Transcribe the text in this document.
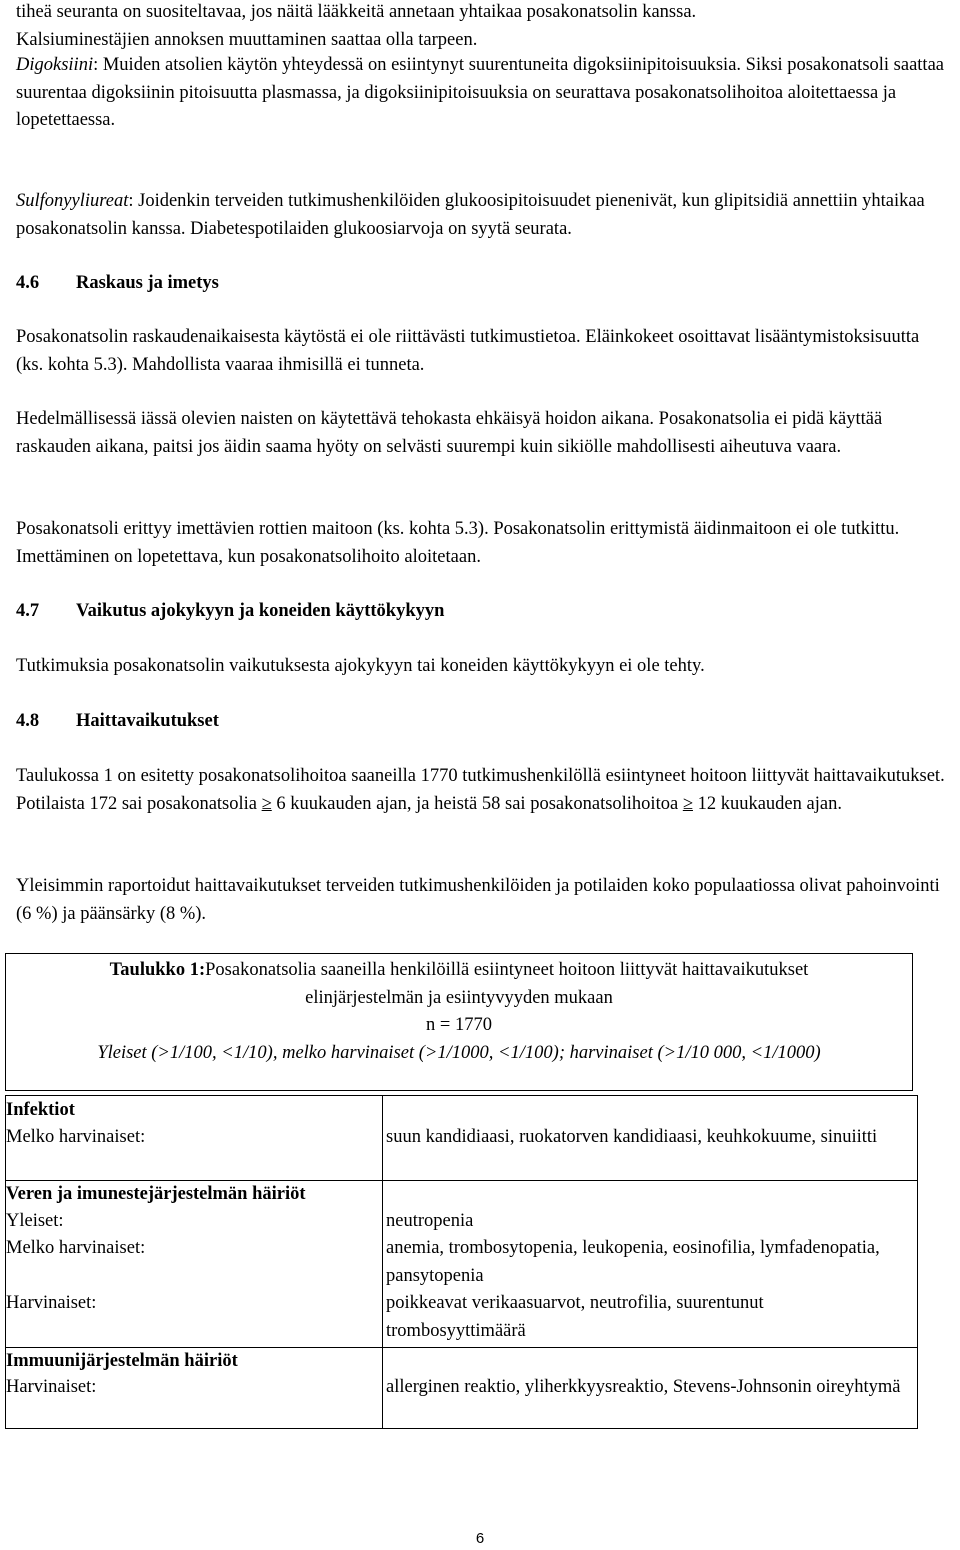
tiheä seuranta on suositeltavaa, jos näitä lääkkeitä annetaan yhtaikaa posakonatsolin kanssa.
Kalsiuminestäjien annoksen muuttaminen saattaa olla tarpeen.

Digoksiini: Muiden atsolien käytön yhteydessä on esiintynyt suurentuneita digoksiinipitoisuuksia. Siksi posakonatsoli saattaa suurentaa digoksiinin pitoisuutta plasmassa, ja digoksiinipitoisuuksia on seurattava posakonatsolihoitoa aloitettaessa ja lopetettaessa.

Sulfonyyliureat: Joidenkin terveiden tutkimushenkilöiden glukoosipitoisuudet pienenivät, kun glipitsidiä annettiin yhtaikaa posakonatsolin kanssa. Diabetespotilaiden glukoosiarvoja on syytä seurata.

4.6	Raskaus ja imetys

Posakonatsolin raskaudenaikaisesta käytöstä ei ole riittävästi tutkimustietoa. Eläinkokeet osoittavat lisääntymistoksisuutta (ks. kohta 5.3). Mahdollista vaaraa ihmisillä ei tunneta.

Hedelmällisessä iässä olevien naisten on käytettävä tehokasta ehkäisyä hoidon aikana. Posakonatsolia ei pidä käyttää raskauden aikana, paitsi jos äidin saama hyöty on selvästi suurempi kuin sikiölle mahdollisesti aiheutuva vaara.

Posakonatsoli erittyy imettävien rottien maitoon (ks. kohta 5.3). Posakonatsolin erittymistä äidinmaitoon ei ole tutkittu. Imettäminen on lopetettava, kun posakonatsolihoito aloitetaan.

4.7	Vaikutus ajokykyyn ja koneiden käyttökykyyn

Tutkimuksia posakonatsolin vaikutuksesta ajokykyyn tai koneiden käyttökykyyn ei ole tehty.

4.8	Haittavaikutukset

Taulukossa 1 on esitetty posakonatsolihoitoa saaneilla 1770 tutkimushenkilöllä esiintyneet hoitoon liittyvät haittavaikutukset. Potilaista 172 sai posakonatsolia ≥ 6 kuukauden ajan, ja heistä 58 sai posakonatsolihoitoa ≥ 12 kuukauden ajan.

Yleisimmin raportoidut haittavaikutukset terveiden tutkimushenkilöiden ja potilaiden koko populaatiossa olivat pahoinvointi (6 %) ja päänsärky (8 %).

Taulukko 1:Posakonatsolia saaneilla henkilöillä esiintyneet hoitoon liittyvät haittavaikutukset
elinjärjestelmän ja esiintyvyyden mukaan
n = 1770
Yleiset (>1/100, <1/10), melko harvinaiset (>1/1000, <1/100); harvinaiset (>1/10 000, <1/1000)
Infektiot
Melko harvinaiset:	suun kandidiaasi, ruokatorven kandidiaasi, keuhkokuume, sinuiitti
Veren ja imunestejärjestelmän häiriöt
Yleiset:	neutropenia
Melko harvinaiset:	anemia, trombosytopenia, leukopenia, eosinofilia, lymfadenopatia, pansytopenia
Harvinaiset:	poikkeavat verikaasuarvot, neutrofilia, suurentunut trombosyyttimäärä
Immuunijärjestelmän häiriöt
Harvinaiset:	allerginen reaktio, yliherkkyysreaktio, Stevens-Johnsonin oireyhtymä
6
